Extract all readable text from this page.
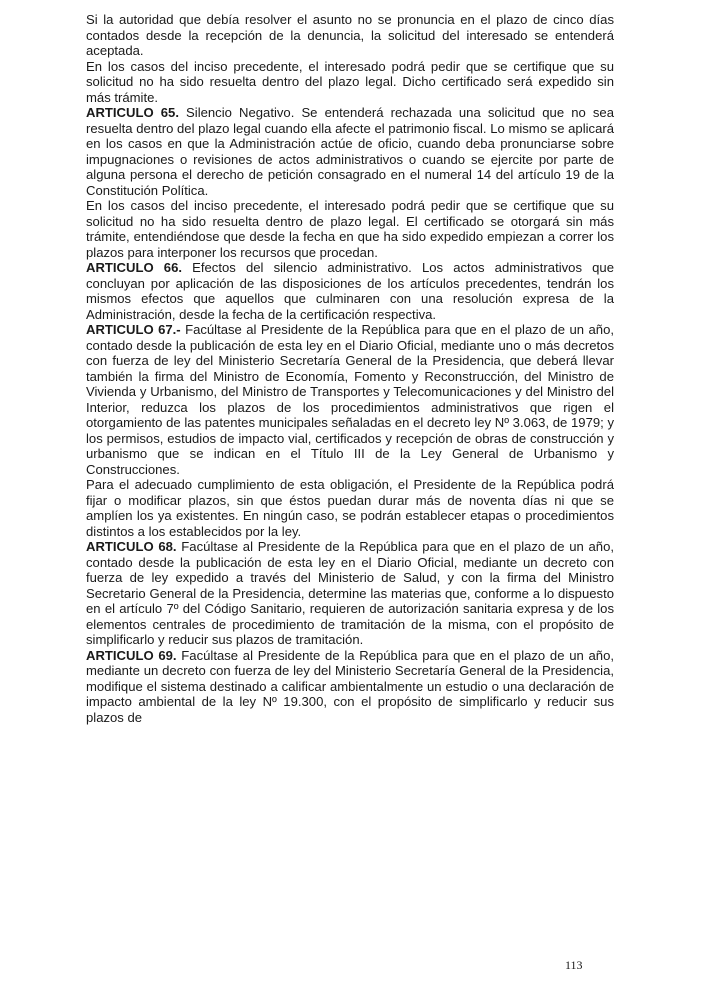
Si la autoridad que debía resolver el asunto no se pronuncia en el plazo de cinco días contados desde la recepción de la denuncia, la solicitud del interesado se entenderá aceptada.

En los casos del inciso precedente, el interesado podrá pedir que se certifique que su solicitud no ha sido resuelta dentro del plazo legal. Dicho certificado será expedido sin más trámite.

ARTICULO 65. Silencio Negativo. Se entenderá rechazada una solicitud que no sea resuelta dentro del plazo legal cuando ella afecte el patrimonio fiscal. Lo mismo se aplicará en los casos en que la Administración actúe de oficio, cuando deba pronunciarse sobre impugnaciones o revisiones de actos administrativos o cuando se ejercite por parte de alguna persona el derecho de petición consagrado en el numeral 14 del artículo 19 de la Constitución Política.

En los casos del inciso precedente, el interesado podrá pedir que se certifique que su solicitud no ha sido resuelta dentro de plazo legal. El certificado se otorgará sin más trámite, entendiéndose que desde la fecha en que ha sido expedido empiezan a correr los plazos para interponer los recursos que procedan.

ARTICULO 66. Efectos del silencio administrativo. Los actos administrativos que concluyan por aplicación de las disposiciones de los artículos precedentes, tendrán los mismos efectos que aquellos que culminaren con una resolución expresa de la Administración, desde la fecha de la certificación respectiva.

ARTICULO 67.- Facúltase al Presidente de la República para que en el plazo de un año, contado desde la publicación de esta ley en el Diario Oficial, mediante uno o más decretos con fuerza de ley del Ministerio Secretaría General de la Presidencia, que deberá llevar también la firma del Ministro de Economía, Fomento y Reconstrucción, del Ministro de Vivienda y Urbanismo, del Ministro de Transportes y Telecomunicaciones y del Ministro del Interior, reduzca los plazos de los procedimientos administrativos que rigen el otorgamiento de las patentes municipales señaladas en el decreto ley Nº 3.063, de 1979; y los permisos, estudios de impacto vial, certificados y recepción de obras de construcción y urbanismo que se indican en el Título III de la Ley General de Urbanismo y Construcciones.

Para el adecuado cumplimiento de esta obligación, el Presidente de la República podrá fijar o modificar plazos, sin que éstos puedan durar más de noventa días ni que se amplíen los ya existentes. En ningún caso, se podrán establecer etapas o procedimientos distintos a los establecidos por la ley.

ARTICULO 68. Facúltase al Presidente de la República para que en el plazo de un año, contado desde la publicación de esta ley en el Diario Oficial, mediante un decreto con fuerza de ley expedido a través del Ministerio de Salud, y con la firma del Ministro Secretario General de la Presidencia, determine las materias que, conforme a lo dispuesto en el artículo 7º del Código Sanitario, requieren de autorización sanitaria expresa y de los elementos centrales de procedimiento de tramitación de la misma, con el propósito de simplificarlo y reducir sus plazos de tramitación.

ARTICULO 69. Facúltase al Presidente de la República para que en el plazo de un año, mediante un decreto con fuerza de ley del Ministerio Secretaría General de la Presidencia, modifique el sistema destinado a calificar ambientalmente un estudio o una declaración de impacto ambiental de la ley Nº 19.300, con el propósito de simplificarlo y reducir sus plazos de

113
